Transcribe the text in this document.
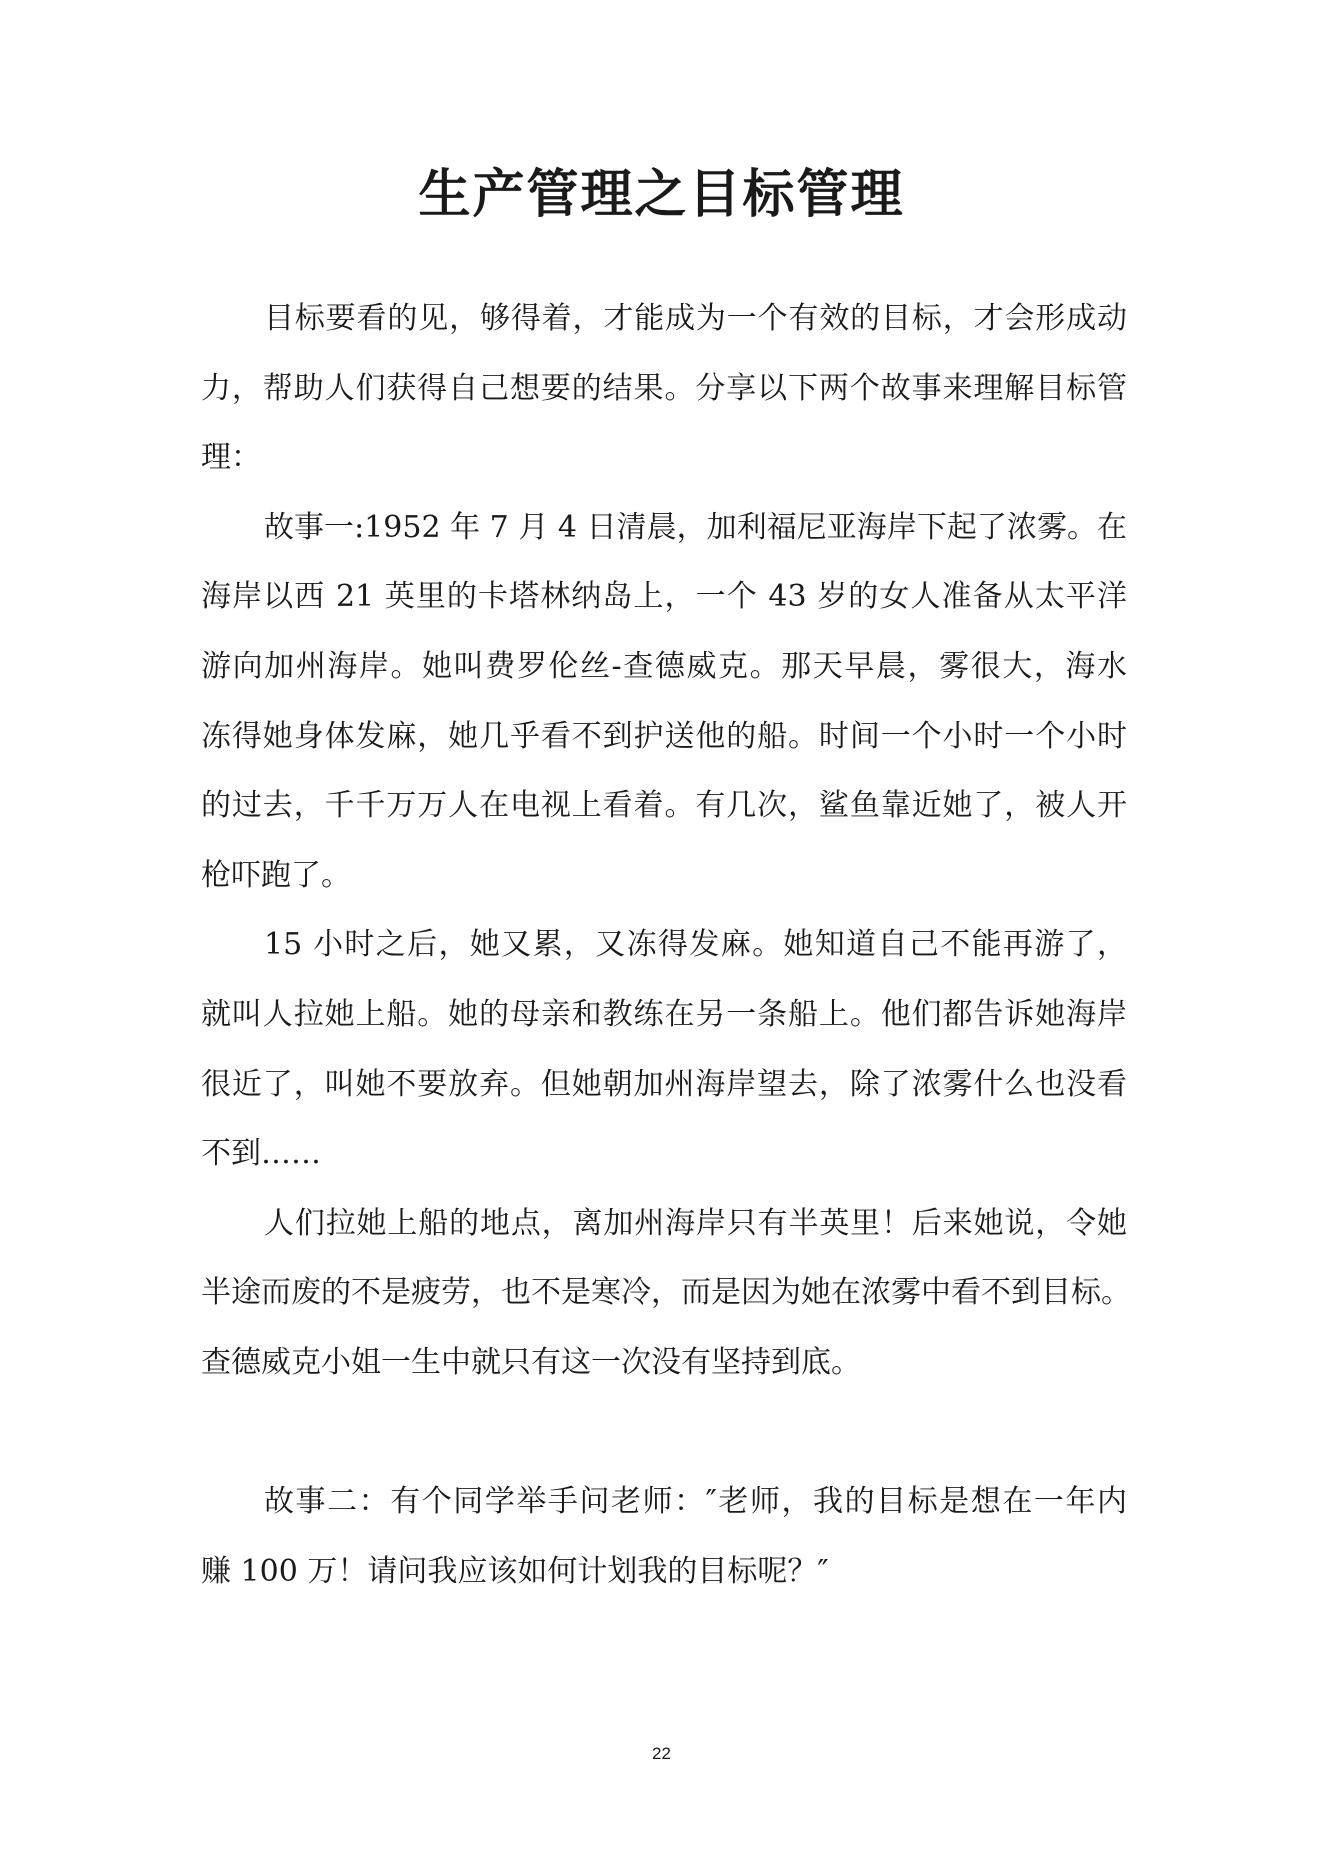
生产管理之目标管理
目标要看的见，够得着，才能成为一个有效的目标，才会形成动
力，帮助人们获得自己想要的结果。分享以下两个故事来理解目标管
理：
故事一:1952 年 7 月 4 日清晨，加利福尼亚海岸下起了浓雾。在
海岸以西 21 英里的卡塔林纳岛上，一个 43 岁的女人准备从太平洋
游向加州海岸。她叫费罗伦丝-查德威克。那天早晨，雾很大，海水
冻得她身体发麻，她几乎看不到护送他的船。时间一个小时一个小时
的过去，千千万万人在电视上看着。有几次，鲨鱼靠近她了，被人开
枪吓跑了。
15 小时之后，她又累，又冻得发麻。她知道自己不能再游了，
就叫人拉她上船。她的母亲和教练在另一条船上。他们都告诉她海岸
很近了，叫她不要放弃。但她朝加州海岸望去，除了浓雾什么也没看
不到……
人们拉她上船的地点，离加州海岸只有半英里！后来她说，令她
半途而废的不是疲劳，也不是寒冷，而是因为她在浓雾中看不到目标。
查德威克小姐一生中就只有这一次没有坚持到底。
故事二：有个同学举手问老师：″老师，我的目标是想在一年内
赚 100 万！请问我应该如何计划我的目标呢？″
22
